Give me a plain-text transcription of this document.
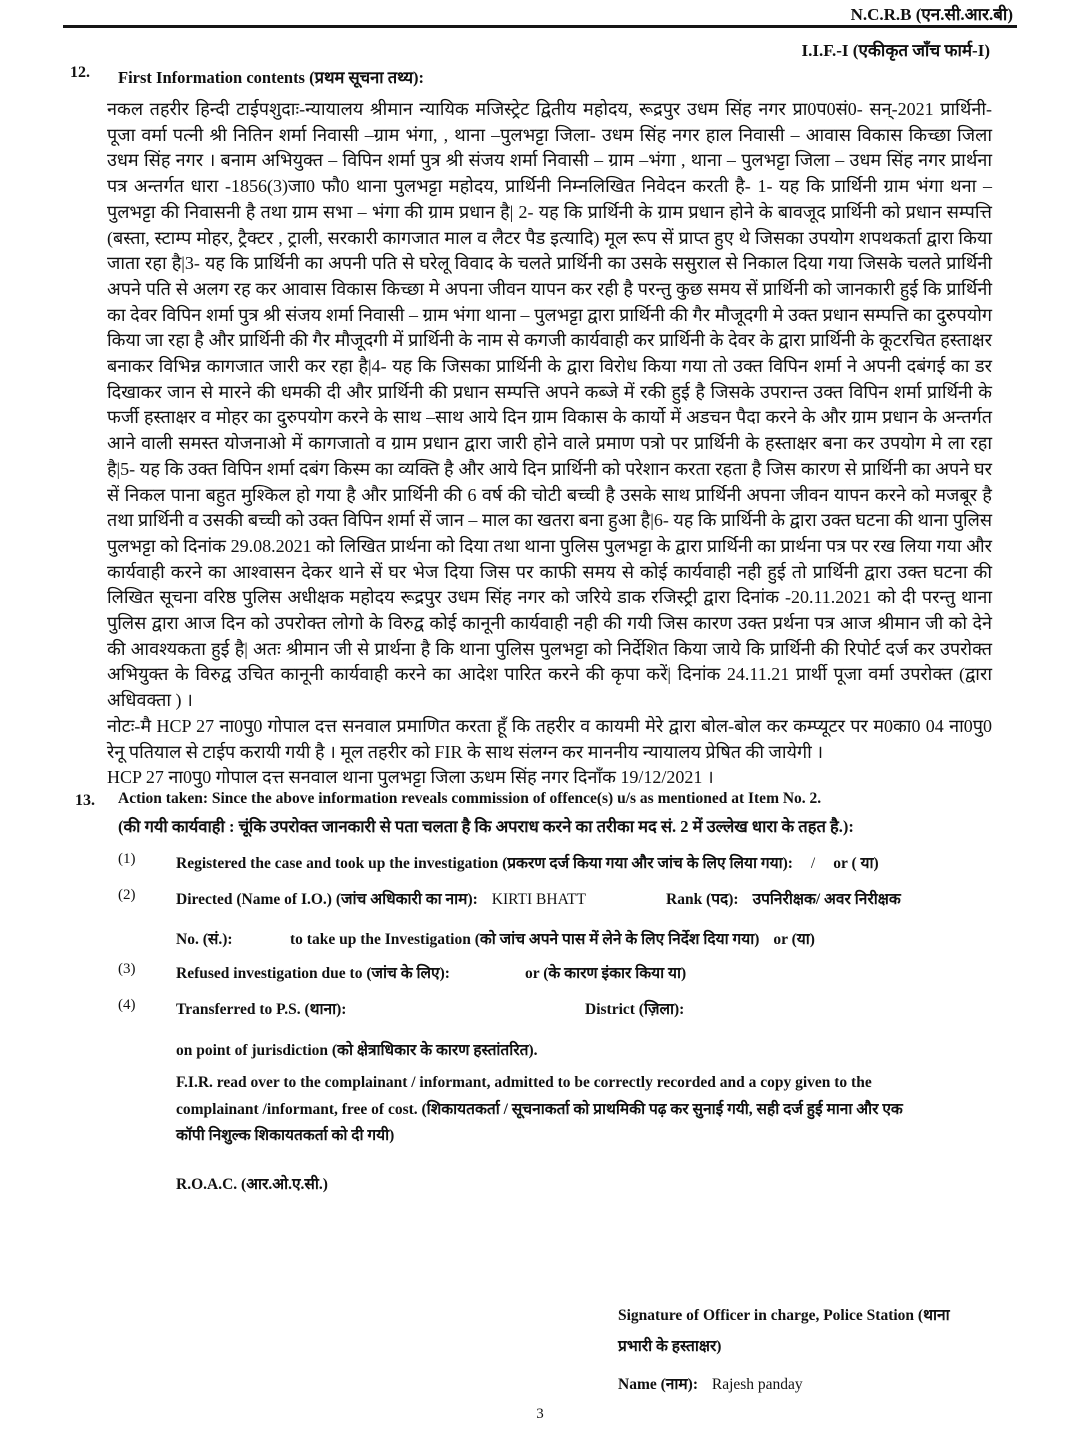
N.C.R.B (एन.सी.आर.बी)
I.I.F.-I (एकीकृत जाँच फार्म-I)
12. First Information contents (प्रथम सूचना तथ्य):

नकल तहरीर हिन्दी टाईपशुदाः-न्यायालय श्रीमान न्यायिक मजिस्ट्रेट द्वितीय महोदय, रूद्रपुर उधम सिंह नगर प्रा0प0सं0- सन्-2021 प्रार्थिनी- पूजा वर्मा पत्नी श्री नितिन शर्मा निवासी –ग्राम भंगा, , थाना –पुलभट्टा जिला- उधम सिंह नगर हाल निवासी – आवास विकास किच्छा जिला उधम सिंह नगर । बनाम अभियुक्त – विपिन शर्मा पुत्र श्री संजय शर्मा निवासी – ग्राम –भंगा , थाना – पुलभट्टा जिला – उधम सिंह नगर प्रार्थना पत्र अन्तर्गत धारा -1856(3)जा0 फौ0 थाना पुलभट्टा महोदय, प्रार्थिनी निम्नलिखित निवेदन करती है- 1- यह कि प्रार्थिनी ग्राम भंगा थना – पुलभट्टा की निवासनी है तथा ग्राम सभा – भंगा की ग्राम प्रधान है| 2- यह कि प्रार्थिनी के ग्राम प्रधान होने के बावजूद प्रार्थिनी को प्रधान सम्पत्ति (बस्ता, स्टाम्प मोहर, ट्रैक्टर , ट्राली, सरकारी कागजात माल व लैटर पैड इत्यादि) मूल रूप सें प्राप्त हुए थे जिसका उपयोग शपथकर्ता द्वारा किया जाता रहा है|3- यह कि प्रार्थिनी का अपनी पति से घरेलू विवाद के चलते प्रार्थिनी का उसके ससुराल से निकाल दिया गया जिसके चलते प्रार्थिनी अपने पति से अलग रह कर आवास विकास किच्छा मे अपना जीवन यापन कर रही है परन्तु कुछ समय सें प्रार्थिनी को जानकारी हुई कि प्रार्थिनी का देवर विपिन शर्मा पुत्र श्री संजय शर्मा निवासी – ग्राम भंगा थाना – पुलभट्टा द्वारा प्रार्थिनी की गैर मौजूदगी मे उक्त प्रधान सम्पत्ति का दुरुपयोग किया जा रहा है और प्रार्थिनी की गैर मौजूदगी में प्रार्थिनी के नाम से कगजी कार्यवाही कर प्रार्थिनी के देवर के द्वारा प्रार्थिनी के कूटरचित हस्ताक्षर बनाकर विभिन्न कागजात जारी कर रहा है|4- यह कि जिसका प्रार्थिनी के द्वारा विरोध किया गया तो उक्त विपिन शर्मा ने अपनी दबंगई का डर दिखाकर जान से मारने की धमकी दी और प्रार्थिनी की प्रधान सम्पत्ति अपने कब्जे में रकी हुई है जिसके उपरान्त उक्त विपिन शर्मा प्रार्थिनी के फर्जी हस्ताक्षर व मोहर का दुरुपयोग करने के साथ –साथ आये दिन ग्राम विकास के कार्यो में अडचन पैदा करने के और ग्राम प्रधान के अन्तर्गत आने वाली समस्त योजनाओ में कागजातो व ग्राम प्रधान द्वारा जारी होने वाले प्रमाण पत्रो पर प्रार्थिनी के हस्ताक्षर बना कर उपयोग मे ला रहा है|5- यह कि उक्त विपिन शर्मा दबंग किस्म का व्यक्ति है और आये दिन प्रार्थिनी को परेशान करता रहता है जिस कारण से प्रार्थिनी का अपने घर सें निकल पाना बहुत मुश्किल हो गया है और प्रार्थिनी की 6 वर्ष की चोटी बच्ची है उसके साथ प्रार्थिनी अपना जीवन यापन करने को मजबूर है तथा प्रार्थिनी व उसकी बच्ची को उक्त विपिन शर्मा सें जान – माल का खतरा बना हुआ है|6- यह कि प्रार्थिनी के द्वारा उक्त घटना की थाना पुलिस पुलभट्टा को दिनांक 29.08.2021 को लिखित प्रार्थना को दिया तथा थाना पुलिस पुलभट्टा के द्वारा प्रार्थिनी का प्रार्थना पत्र पर रख लिया गया और कार्यवाही करने का आश्वासन देकर थाने सें घर भेज दिया जिस पर काफी समय से कोई कार्यवाही नही हुई तो प्रार्थिनी द्वारा उक्त घटना की लिखित सूचना वरिष्ठ पुलिस अधीक्षक महोदय रूद्रपुर उधम सिंह नगर को जरिये डाक रजिस्ट्री द्वारा दिनांक -20.11.2021 को दी परन्तु थाना पुलिस द्वारा आज दिन को उपरोक्त लोगो के विरुद्व कोई कानूनी कार्यवाही नही की गयी जिस कारण उक्त प्रर्थना पत्र आज श्रीमान जी को देने की आवश्यकता हुई है| अतः श्रीमान जी से प्रार्थना है कि थाना पुलिस पुलभट्टा को निर्देशित किया जाये कि प्रार्थिनी की रिपोर्ट दर्ज कर उपरोक्त अभियुक्त के विरुद्व उचित कानूनी कार्यवाही करने का आदेश पारित करने की कृपा करें| दिनांक 24.11.21 प्रार्थी पूजा वर्मा उपरोक्त (द्वारा अधिवक्ता ) ।

नोटः-मै HCP 27 ना0पु0 गोपाल दत्त सनवाल प्रमाणित करता हूँ कि तहरीर व कायमी मेरे द्वारा बोल-बोल कर कम्प्यूटर पर म0का0 04 ना0पु0 रेनू पतियाल से टाईप करायी गयी है । मूल तहरीर को FIR के साथ संलग्न कर माननीय न्यायालय प्रेषित की जायेगी ।

HCP 27 ना0पु0 गोपाल दत्त सनवाल थाना पुलभट्टा जिला ऊधम सिंह नगर दिनाँक 19/12/2021 ।

13. Action taken: Since the above information reveals commission of offence(s) u/s as mentioned at Item No. 2.

(की गयी कार्यवाही : चूंकि उपरोक्त जानकारी से पता चलता है कि अपराध करने का तरीका मद सं. 2 में उल्लेख धारा के तहत है.):

(1)	Registered the case and took up the investigation (प्रकरण दर्ज किया गया और जांच के लिए लिया गया): / or ( या)
(2)	Directed (Name of I.O.) (जांच अधिकारी का नाम): KIRTI BHATT	Rank (पद): उपनिरीक्षक/ अवर निरीक्षक
No. (सं.):	to take up the Investigation (को जांच अपने पास में लेने के लिए निर्देश दिया गया) or (या)
(3)	Refused investigation due to (जांच के लिए):	or (के कारण इंकार किया या)
(4)	Transferred to P.S. (थाना):	District (ज़िला):
on point of jurisdiction (को क्षेत्राधिकार के कारण हस्तांतरित).
F.I.R. read over to the complainant / informant, admitted to be correctly recorded and a copy given to the complainant /informant, free of cost. (शिकायतकर्ता / सूचनाकर्ता को प्राथमिकी पढ़ कर सुनाई गयी, सही दर्ज हुई माना और एक कॉपी निशुल्क शिकायतकर्ता को दी गयी)
R.O.A.C. (आर.ओ.ए.सी.)
Signature of Officer in charge, Police Station (थाना प्रभारी के हस्ताक्षर)
Name (नाम): Rajesh panday
3
